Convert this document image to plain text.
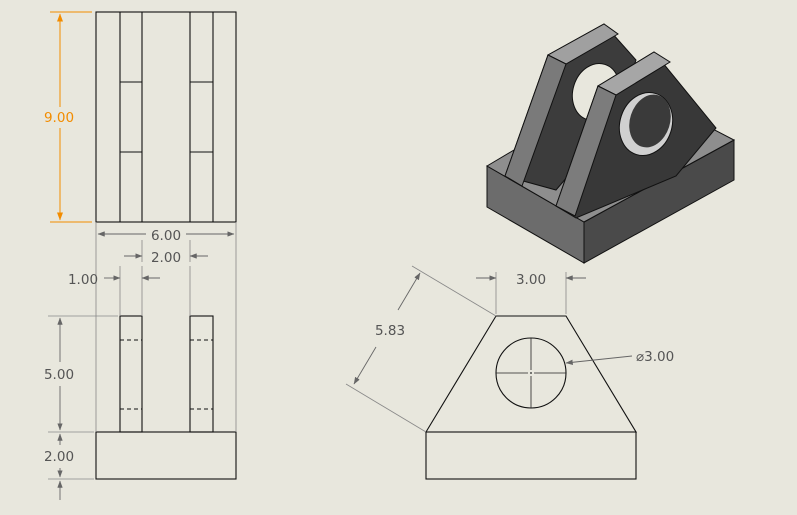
9.00
6.00
2.00
1.00
5.00
2.00
3.00
5.83
⌀3.00
